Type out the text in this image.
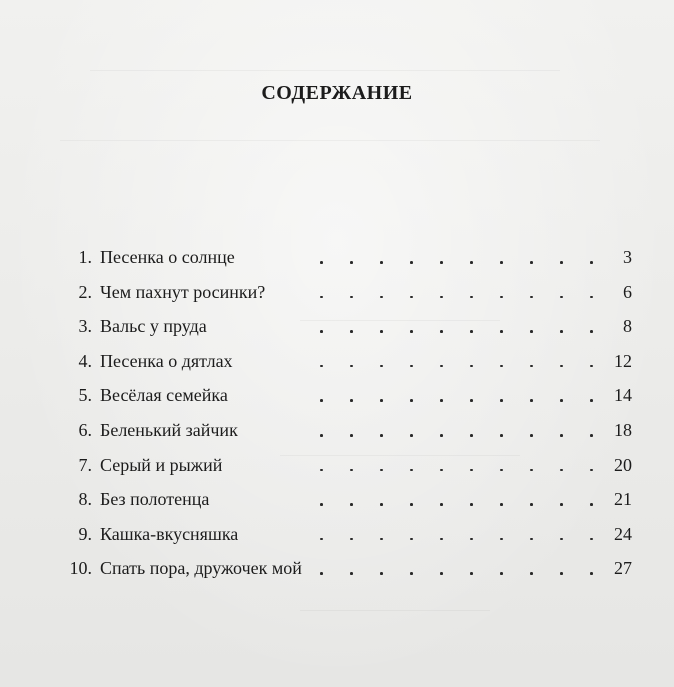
СОДЕРЖАНИЕ
1. Песенка о солнце	3
2. Чем пахнут росинки?	6
3. Вальс у пруда	8
4. Песенка о дятлах	12
5. Весёлая семейка	14
6. Беленький зайчик	18
7. Серый и рыжий	20
8. Без полотенца	21
9. Кашка-вкусняшка	24
10. Спать пора, дружочек мой	27
